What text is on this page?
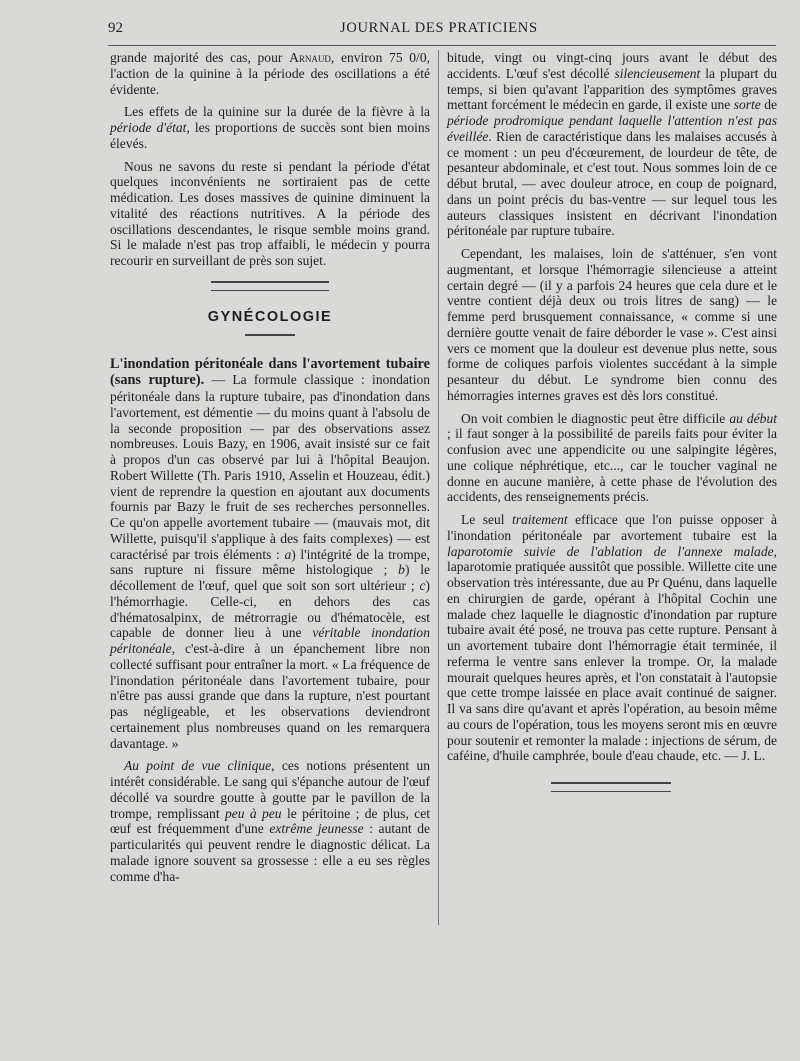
92	JOURNAL DES PRATICIENS

grande majorité des cas, pour Arnaud, environ 75 0/0, l'action de la quinine à la période des oscillations a été évidente.

Les effets de la quinine sur la durée de la fièvre à la période d'état, les proportions de succès sont bien moins élevés.

Nous ne savons du reste si pendant la période d'état quelques inconvénients ne sortiraient pas de cette médication. Les doses massives de quinine diminuent la vitalité des réactions nutritives. A la période des oscillations descendantes, le risque semble moins grand. Si le malade n'est pas trop affaibli, le médecin y pourra recourir en surveillant de près son sujet.

GYNÉCOLOGIE

L'inondation péritonéale dans l'avortement tubaire (sans rupture). — La formule classique : inondation péritonéale dans la rupture tubaire, pas d'inondation dans l'avortement, est démentie — du moins quant à l'absolu de la seconde proposition — par des observations assez nombreuses. Louis Bazy, en 1906, avait insisté sur ce fait à propos d'un cas observé par lui à l'hôpital Beaujon. Robert Willette (Th. Paris 1910, Asselin et Houzeau, édit.) vient de reprendre la question en ajoutant aux documents fournis par Bazy le fruit de ses recherches personnelles. Ce qu'on appelle avortement tubaire — (mauvais mot, dit Willette, puisqu'il s'applique à des faits complexes) — est caractérisé par trois éléments : a) l'intégrité de la trompe, sans rupture ni fissure même histologique ; b) le décollement de l'œuf, quel que soit son sort ultérieur ; c) l'hémorrhagie. Celle-ci, en dehors des cas d'hématosalpinx, de métrorragie ou d'hématocèle, est capable de donner lieu à une véritable inondation péritonéale, c'est-à-dire à un épanchement libre non collecté suffisant pour entraîner la mort. « La fréquence de l'inondation péritonéale dans l'avortement tubaire, pour n'être pas aussi grande que dans la rupture, n'est pourtant pas négligeable, et les observations deviendront certainement plus nombreuses quand on les remarquera davantage. »

Au point de vue clinique, ces notions présentent un intérêt considérable. Le sang qui s'épanche autour de l'œuf décollé va sourdre goutte à goutte par le pavillon de la trompe, remplissant peu à peu le péritoine ; de plus, cet œuf est fréquemment d'une extrême jeunesse : autant de particularités qui peuvent rendre le diagnostic délicat. La malade ignore souvent sa grossesse : elle a eu ses règles comme d'ha-

bitude, vingt ou vingt-cinq jours avant le début des accidents. L'œuf s'est décollé silencieusement la plupart du temps, si bien qu'avant l'apparition des symptômes graves mettant forcément le médecin en garde, il existe une sorte de période prodromique pendant laquelle l'attention n'est pas éveillée. Rien de caractéristique dans les malaises accusés à ce moment : un peu d'écœurement, de lourdeur de tête, de pesanteur abdominale, et c'est tout. Nous sommes loin de ce début brutal, — avec douleur atroce, en coup de poignard, dans un point précis du bas-ventre — sur lequel tous les auteurs classiques insistent en décrivant l'inondation péritonéale par rupture tubaire.

Cependant, les malaises, loin de s'atténuer, s'en vont augmentant, et lorsque l'hémorragie silencieuse a atteint certain degré — (il y a parfois 24 heures que cela dure et le ventre contient déjà deux ou trois litres de sang) — le femme perd brusquement connaissance, « comme si une dernière goutte venait de faire déborder le vase ». C'est ainsi vers ce moment que la douleur est devenue plus nette, sous forme de coliques parfois violentes succédant à la simple pesanteur du début. Le syndrome bien connu des hémorragies internes graves est dès lors constitué.

On voit combien le diagnostic peut être difficile au début ; il faut songer à la possibilité de pareils faits pour éviter la confusion avec une appendicite ou une salpingite légères, une colique néphrétique, etc..., car le toucher vaginal ne donne en aucune manière, à cette phase de l'évolution des accidents, des renseignements précis.

Le seul traitement efficace que l'on puisse opposer à l'inondation péritonéale par avortement tubaire est la laparotomie suivie de l'ablation de l'annexe malade, laparotomie pratiquée aussitôt que possible. Willette cite une observation très intéressante, due au Pr Quénu, dans laquelle en chirurgien de garde, opérant à l'hôpital Cochin une malade chez laquelle le diagnostic d'inondation par rupture tubaire avait été posé, ne trouva pas cette rupture. Pensant à un avortement tubaire dont l'hémorragie était terminée, il referma le ventre sans enlever la trompe. Or, la malade mourait quelques heures après, et l'on constatait à l'autopsie que cette trompe laissée en place avait continué de saigner. Il va sans dire qu'avant et après l'opération, au besoin même au cours de l'opération, tous les moyens seront mis en œuvre pour soutenir et remonter la malade : injections de sérum, de caféine, d'huile camphrée, boule d'eau chaude, etc. — J. L.
